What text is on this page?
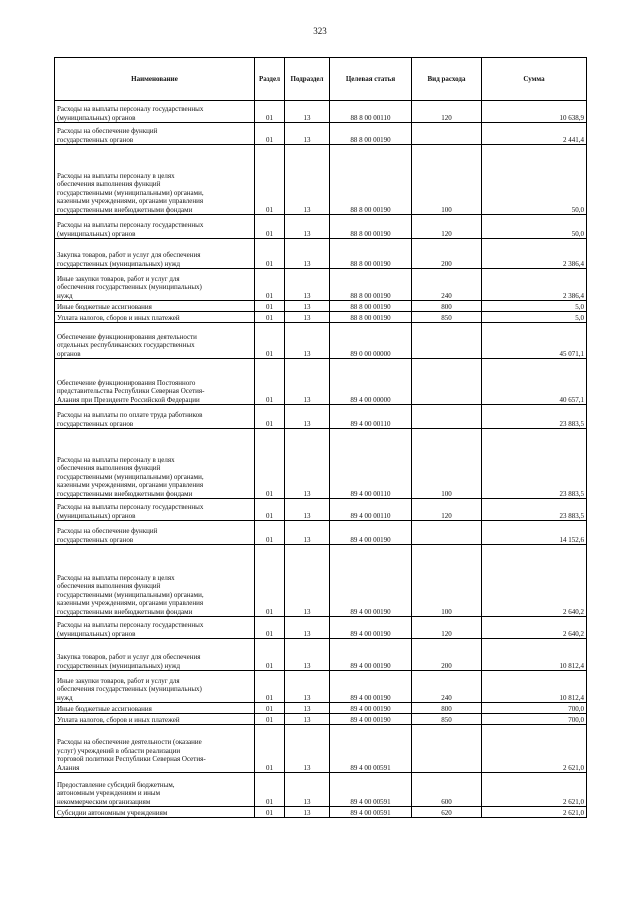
323
Наименование	Раздел	Подраздел	Целевая статья	Вид расхода	Сумма
Расходы на выплаты персоналу государственных
(муниципальных) органов	01	13	88 8 00 00110	120	10 638,9
Расходы на обеспечение функций
государственных органов	01	13	88 8 00 00190		2 441,4
Расходы на выплаты персоналу в целях
обеспечения выполнения функций
государственными (муниципальными) органами,
казенными учреждениями, органами управления
государственными внебюджетными фондами	01	13	88 8 00 00190	100	50,0
Расходы на выплаты персоналу государственных
(муниципальных) органов	01	13	88 8 00 00190	120	50,0
Закупка товаров, работ и услуг для обеспечения
государственных (муниципальных) нужд	01	13	88 8 00 00190	200	2 386,4
Иные закупки товаров, работ и услуг для
обеспечения государственных (муниципальных)
нужд	01	13	88 8 00 00190	240	2 386,4
Иные бюджетные ассигнования	01	13	88 8 00 00190	800	5,0
Уплата налогов, сборов и иных платежей	01	13	88 8 00 00190	850	5,0
Обеспечение функционирования деятельности
отдельных республиканских государственных
органов	01	13	89 0 00 00000		45 071,1
Обеспечение функционирования Постоянного
представительства Республики Северная Осетия-
Алания при Президенте Российской Федерации	01	13	89 4 00 00000		40 657,1
Расходы на выплаты по оплате труда работников
государственных органов	01	13	89 4 00 00110		23 883,5
Расходы на выплаты персоналу в целях
обеспечения выполнения функций
государственными (муниципальными) органами,
казенными учреждениями, органами управления
государственными внебюджетными фондами	01	13	89 4 00 00110	100	23 883,5
Расходы на выплаты персоналу государственных
(муниципальных) органов	01	13	89 4 00 00110	120	23 883,5
Расходы на обеспечение функций
государственных органов	01	13	89 4 00 00190		14 152,6
Расходы на выплаты персоналу в целях
обеспечения выполнения функций
государственными (муниципальными) органами,
казенными учреждениями, органами управления
государственными внебюджетными фондами	01	13	89 4 00 00190	100	2 640,2
Расходы на выплаты персоналу государственных
(муниципальных) органов	01	13	89 4 00 00190	120	2 640,2
Закупка товаров, работ и услуг для обеспечения
государственных (муниципальных) нужд	01	13	89 4 00 00190	200	10 812,4
Иные закупки товаров, работ и услуг для
обеспечения государственных (муниципальных)
нужд	01	13	89 4 00 00190	240	10 812,4
Иные бюджетные ассигнования	01	13	89 4 00 00190	800	700,0
Уплата налогов, сборов и иных платежей	01	13	89 4 00 00190	850	700,0
Расходы на обеспечение деятельности (оказание
услуг) учреждений в области реализации
торговой политики Республики Северная Осетия-
Алания	01	13	89 4 00 00591		2 621,0
Предоставление субсидий бюджетным,
автономным учреждениям и иным
некоммерческим организациям	01	13	89 4 00 00591	600	2 621,0
Субсидии автономным учреждениям	01	13	89 4 00 00591	620	2 621,0
